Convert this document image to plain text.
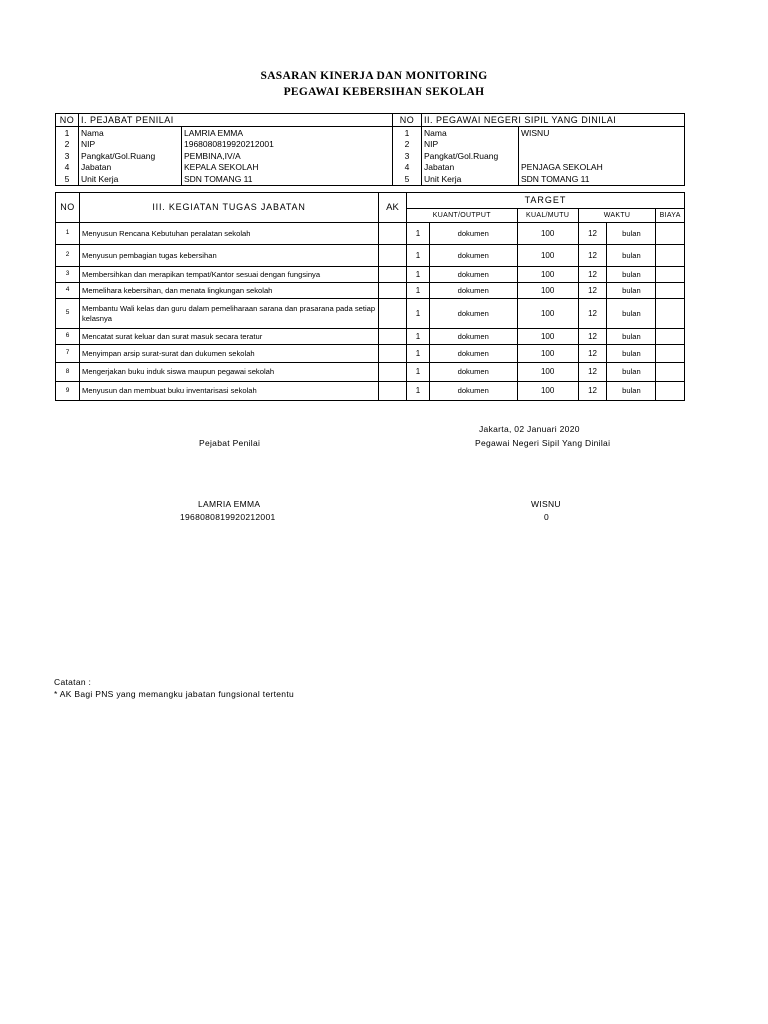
SASARAN KINERJA DAN MONITORING
PEGAWAI KEBERSIHAN SEKOLAH
NO	I. PEJABAT PENILAI		NO	II. PEGAWAI NEGERI SIPIL YANG DINILAI	
1	Nama	LAMRIA EMMA	1	Nama	WISNU
2	NIP	196808081992021200​1	2	NIP	
3	Pangkat/Gol.Ruang	PEMBINA,IV/A	3	Pangkat/Gol.Ruang	
4	Jabatan	KEPALA SEKOLAH	4	Jabatan	PENJAGA SEKOLAH
5	Unit Kerja	SDN TOMANG 11	5	Unit Kerja	SDN TOMANG 11
NO	III. KEGIATAN TUGAS JABATAN	AK	TARGET					
			KUANT/OUTPUT		KUAL/MUTU	WAKTU		BIAYA
1	Menyusun Rencana Kebutuhan peralatan sekolah		1	dokumen	100	12	bulan	
2	Menyusun pembagian tugas kebersihan		1	dokumen	100	12	bulan	
3	Membersihkan dan merapikan tempat/Kantor sesuai dengan fungsinya		1	dokumen	100	12	bulan	
4	Memelihara kebersihan, dan menata lingkungan sekolah		1	dokumen	100	12	bulan	
5	Membantu Wali kelas dan guru dalam pemeliharaan sarana dan prasarana pada setiap kelasnya		1	dokumen	100	12	bulan	
6	Mencatat surat keluar dan surat masuk secara teratur		1	dokumen	100	12	bulan	
7	Menyimpan arsip surat-surat dan dukumen sekolah		1	dokumen	100	12	bulan	
8	Mengerjakan buku induk siswa maupun pegawai sekolah		1	dokumen	100	12	bulan	
9	Menyusun dan membuat buku inventarisasi sekolah		1	dokumen	100	12	bulan	
Jakarta, 02 Januari 2020
Pejabat Penilai	Pegawai Negeri Sipil Yang Dinilai
LAMRIA EMMA
196808081992021200​1
WISNU
0
Catatan :
* AK Bagi PNS yang memangku jabatan fungsional tertentu
